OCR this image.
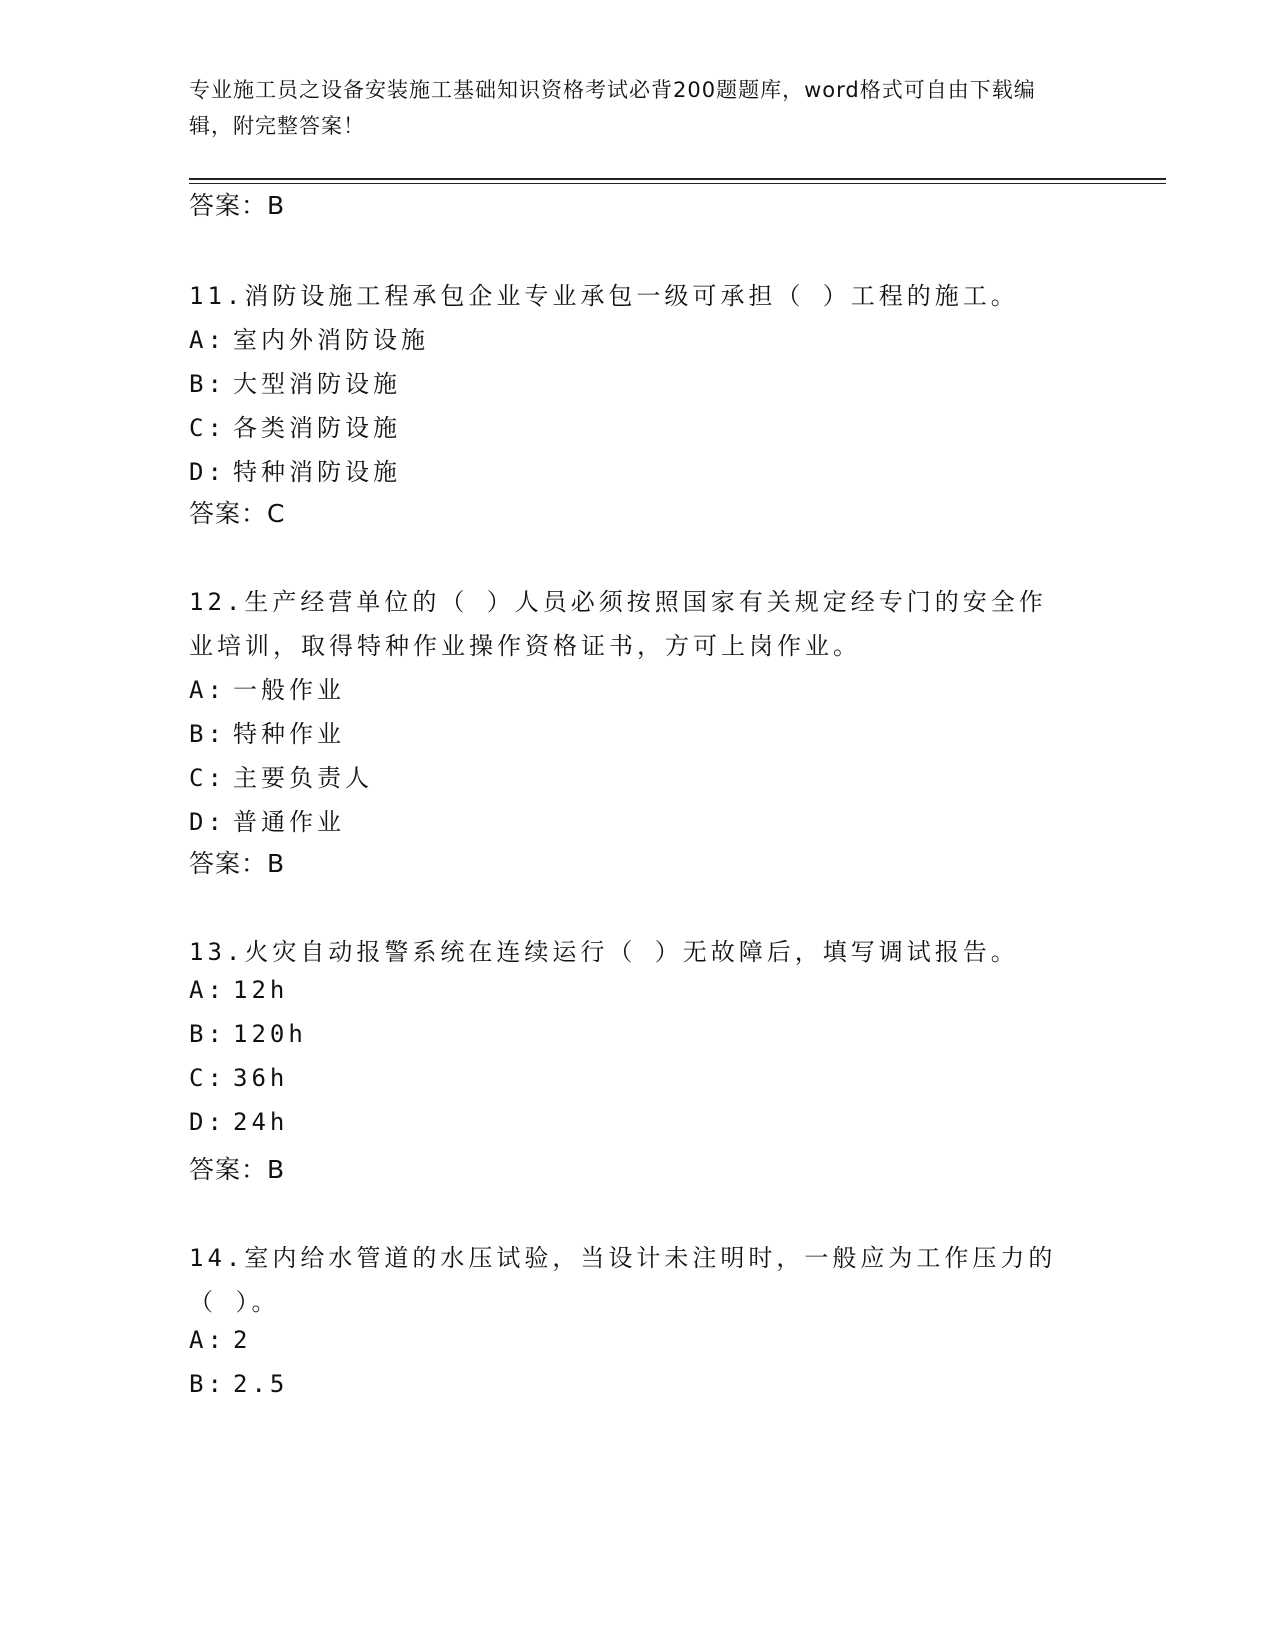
专业施工员之设备安装施工基础知识资格考试必背200题题库，word格式可自由下载编辑，附完整答案！
答案：B
11.消防设施工程承包企业专业承包一级可承担（ ）工程的施工。
A: 室内外消防设施
B: 大型消防设施
C: 各类消防设施
D: 特种消防设施
答案：C
12.生产经营单位的（ ）人员必须按照国家有关规定经专门的安全作
业培训，取得特种作业操作资格证书，方可上岗作业。
A: 一般作业
B: 特种作业
C: 主要负责人
D: 普通作业
答案：B
13.火灾自动报警系统在连续运行（ ）无故障后，填写调试报告。
A: 12h
B: 120h
C: 36h
D: 24h
答案：B
14.室内给水管道的水压试验，当设计未注明时，一般应为工作压力的
（ ）。
A: 2
B: 2.5
